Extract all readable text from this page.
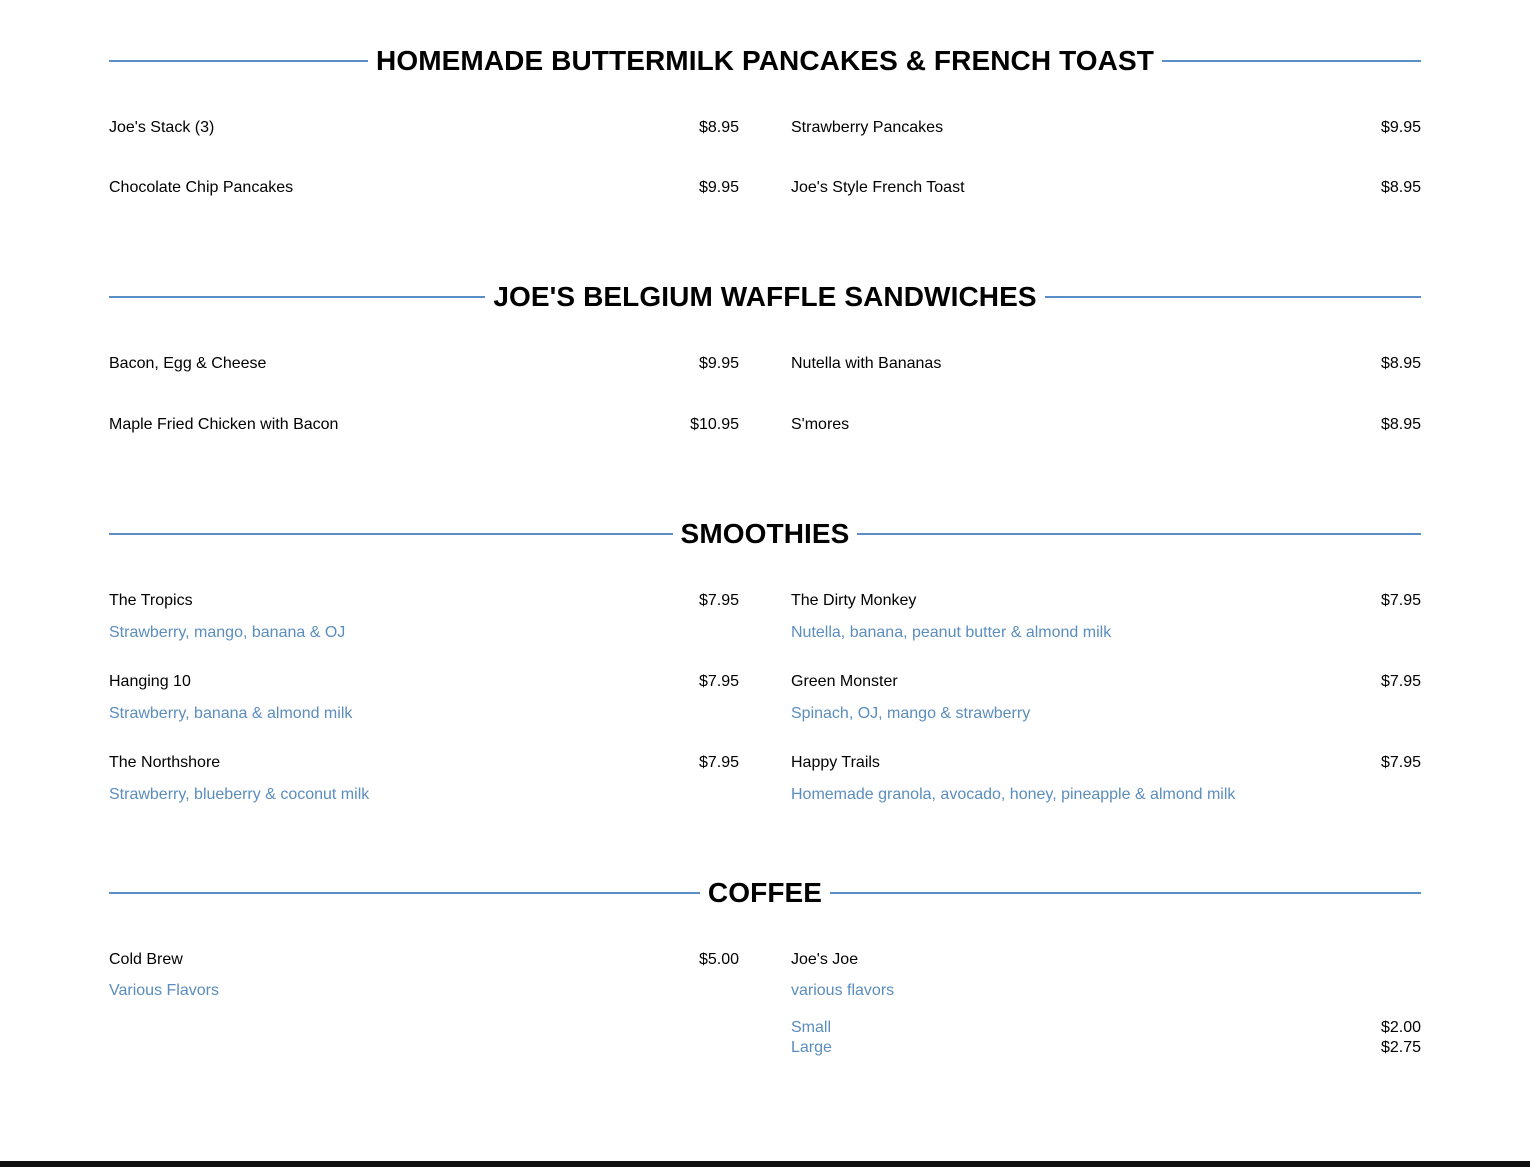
HOMEMADE BUTTERMILK PANCAKES & FRENCH TOAST
Joe's Stack (3)	$8.95	Strawberry Pancakes	$9.95
Chocolate Chip Pancakes	$9.95	Joe's Style French Toast	$8.95
JOE'S BELGIUM WAFFLE SANDWICHES
Bacon, Egg & Cheese	$9.95	Nutella with Bananas	$8.95
Maple Fried Chicken with Bacon	$10.95	S'mores	$8.95
SMOOTHIES
The Tropics	$7.95
Strawberry, mango, banana & OJ
The Dirty Monkey	$7.95
Nutella, banana, peanut butter & almond milk
Hanging 10	$7.95
Strawberry, banana & almond milk
Green Monster	$7.95
Spinach, OJ, mango & strawberry
The Northshore	$7.95
Strawberry, blueberry & coconut milk
Happy Trails	$7.95
Homemade granola, avocado, honey, pineapple & almond milk
COFFEE
Cold Brew	$5.00
Various Flavors
Joe's Joe
various flavors
Small	$2.00
Large	$2.75
